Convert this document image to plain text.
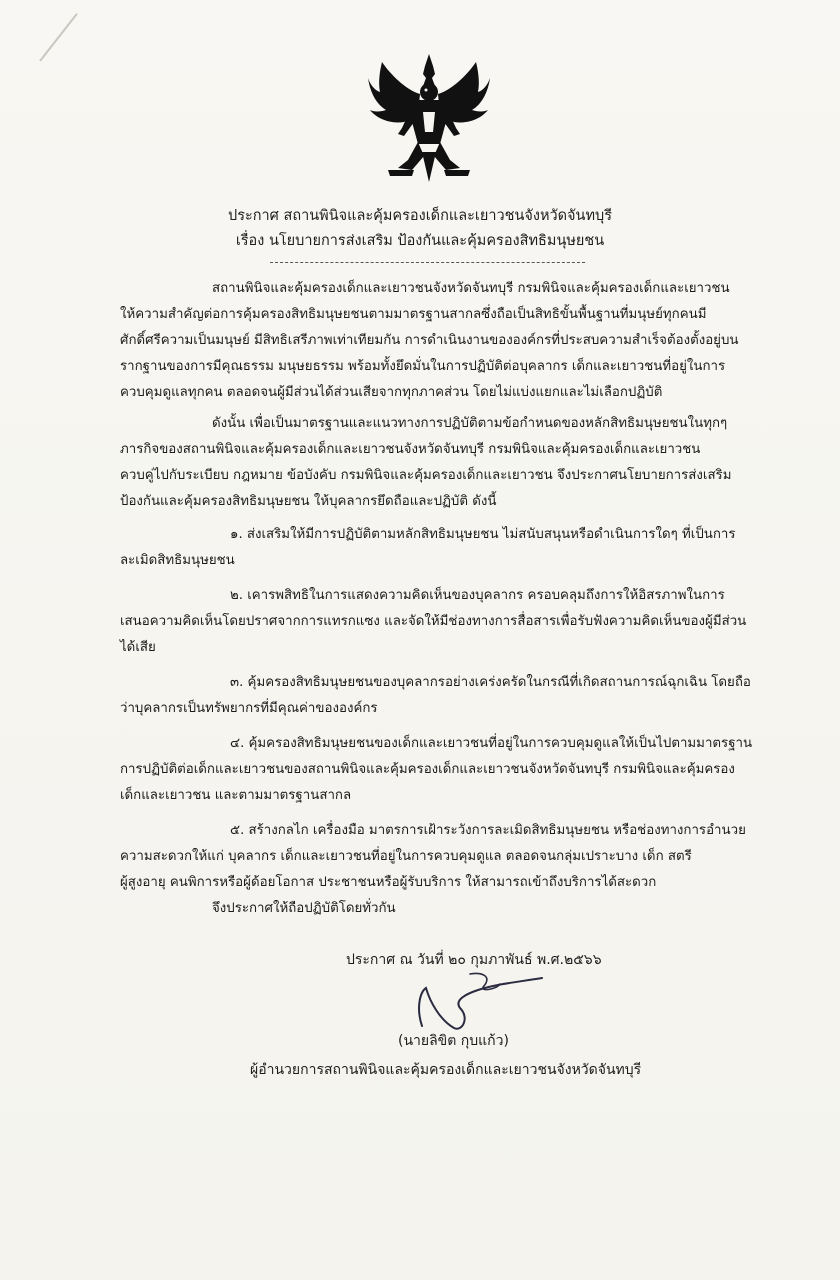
ประกาศ สถานพินิจและคุ้มครองเด็กและเยาวชนจังหวัดจันทบุรี
เรื่อง นโยบายการส่งเสริม ป้องกันและคุ้มครองสิทธิมนุษยชน
สถานพินิจและคุ้มครองเด็กและเยาวชนจังหวัดจันทบุรี กรมพินิจและคุ้มครองเด็กและเยาวชน
ให้ความสำคัญต่อการคุ้มครองสิทธิมนุษยชนตามมาตรฐานสากลซึ่งถือเป็นสิทธิขั้นพื้นฐานที่มนุษย์ทุกคนมี
ศักดิ์ศรีความเป็นมนุษย์ มีสิทธิเสรีภาพเท่าเทียมกัน การดำเนินงานขององค์กรที่ประสบความสำเร็จต้องตั้งอยู่บน
รากฐานของการมีคุณธรรม มนุษยธรรม พร้อมทั้งยึดมั่นในการปฏิบัติต่อบุคลากร เด็กและเยาวชนที่อยู่ในการ
ควบคุมดูแลทุกคน ตลอดจนผู้มีส่วนได้ส่วนเสียจากทุกภาคส่วน โดยไม่แบ่งแยกและไม่เลือกปฏิบัติ
ดังนั้น เพื่อเป็นมาตรฐานและแนวทางการปฏิบัติตามข้อกำหนดของหลักสิทธิมนุษยชนในทุกๆ
ภารกิจของสถานพินิจและคุ้มครองเด็กและเยาวชนจังหวัดจันทบุรี กรมพินิจและคุ้มครองเด็กและเยาวชน
ควบคู่ไปกับระเบียบ กฎหมาย ข้อบังคับ กรมพินิจและคุ้มครองเด็กและเยาวชน จึงประกาศนโยบายการส่งเสริม
ป้องกันและคุ้มครองสิทธิมนุษยชน ให้บุคลากรยึดถือและปฏิบัติ ดังนี้
๑. ส่งเสริมให้มีการปฏิบัติตามหลักสิทธิมนุษยชน ไม่สนับสนุนหรือดำเนินการใดๆ ที่เป็นการ
ละเมิดสิทธิมนุษยชน
๒. เคารพสิทธิในการแสดงความคิดเห็นของบุคลากร ครอบคลุมถึงการให้อิสรภาพในการ
เสนอความคิดเห็นโดยปราศจากการแทรกแซง และจัดให้มีช่องทางการสื่อสารเพื่อรับฟังความคิดเห็นของผู้มีส่วน
ได้เสีย
๓. คุ้มครองสิทธิมนุษยชนของบุคลากรอย่างเคร่งครัดในกรณีที่เกิดสถานการณ์ฉุกเฉิน โดยถือ
ว่าบุคลากรเป็นทรัพยากรที่มีคุณค่าขององค์กร
๔. คุ้มครองสิทธิมนุษยชนของเด็กและเยาวชนที่อยู่ในการควบคุมดูแลให้เป็นไปตามมาตรฐาน
การปฏิบัติต่อเด็กและเยาวชนของสถานพินิจและคุ้มครองเด็กและเยาวชนจังหวัดจันทบุรี กรมพินิจและคุ้มครอง
เด็กและเยาวชน และตามมาตรฐานสากล
๕. สร้างกลไก เครื่องมือ มาตรการเฝ้าระวังการละเมิดสิทธิมนุษยชน หรือช่องทางการอำนวย
ความสะดวกให้แก่ บุคลากร เด็กและเยาวชนที่อยู่ในการควบคุมดูแล ตลอดจนกลุ่มเปราะบาง เด็ก สตรี
ผู้สูงอายุ คนพิการหรือผู้ด้อยโอกาส ประชาชนหรือผู้รับบริการ ให้สามารถเข้าถึงบริการได้สะดวก
จึงประกาศให้ถือปฏิบัติโดยทั่วกัน
ประกาศ ณ วันที่ ๒๐ กุมภาพันธ์ พ.ศ.๒๕๖๖
(นายลิขิต กุบแก้ว)
ผู้อำนวยการสถานพินิจและคุ้มครองเด็กและเยาวชนจังหวัดจันทบุรี
